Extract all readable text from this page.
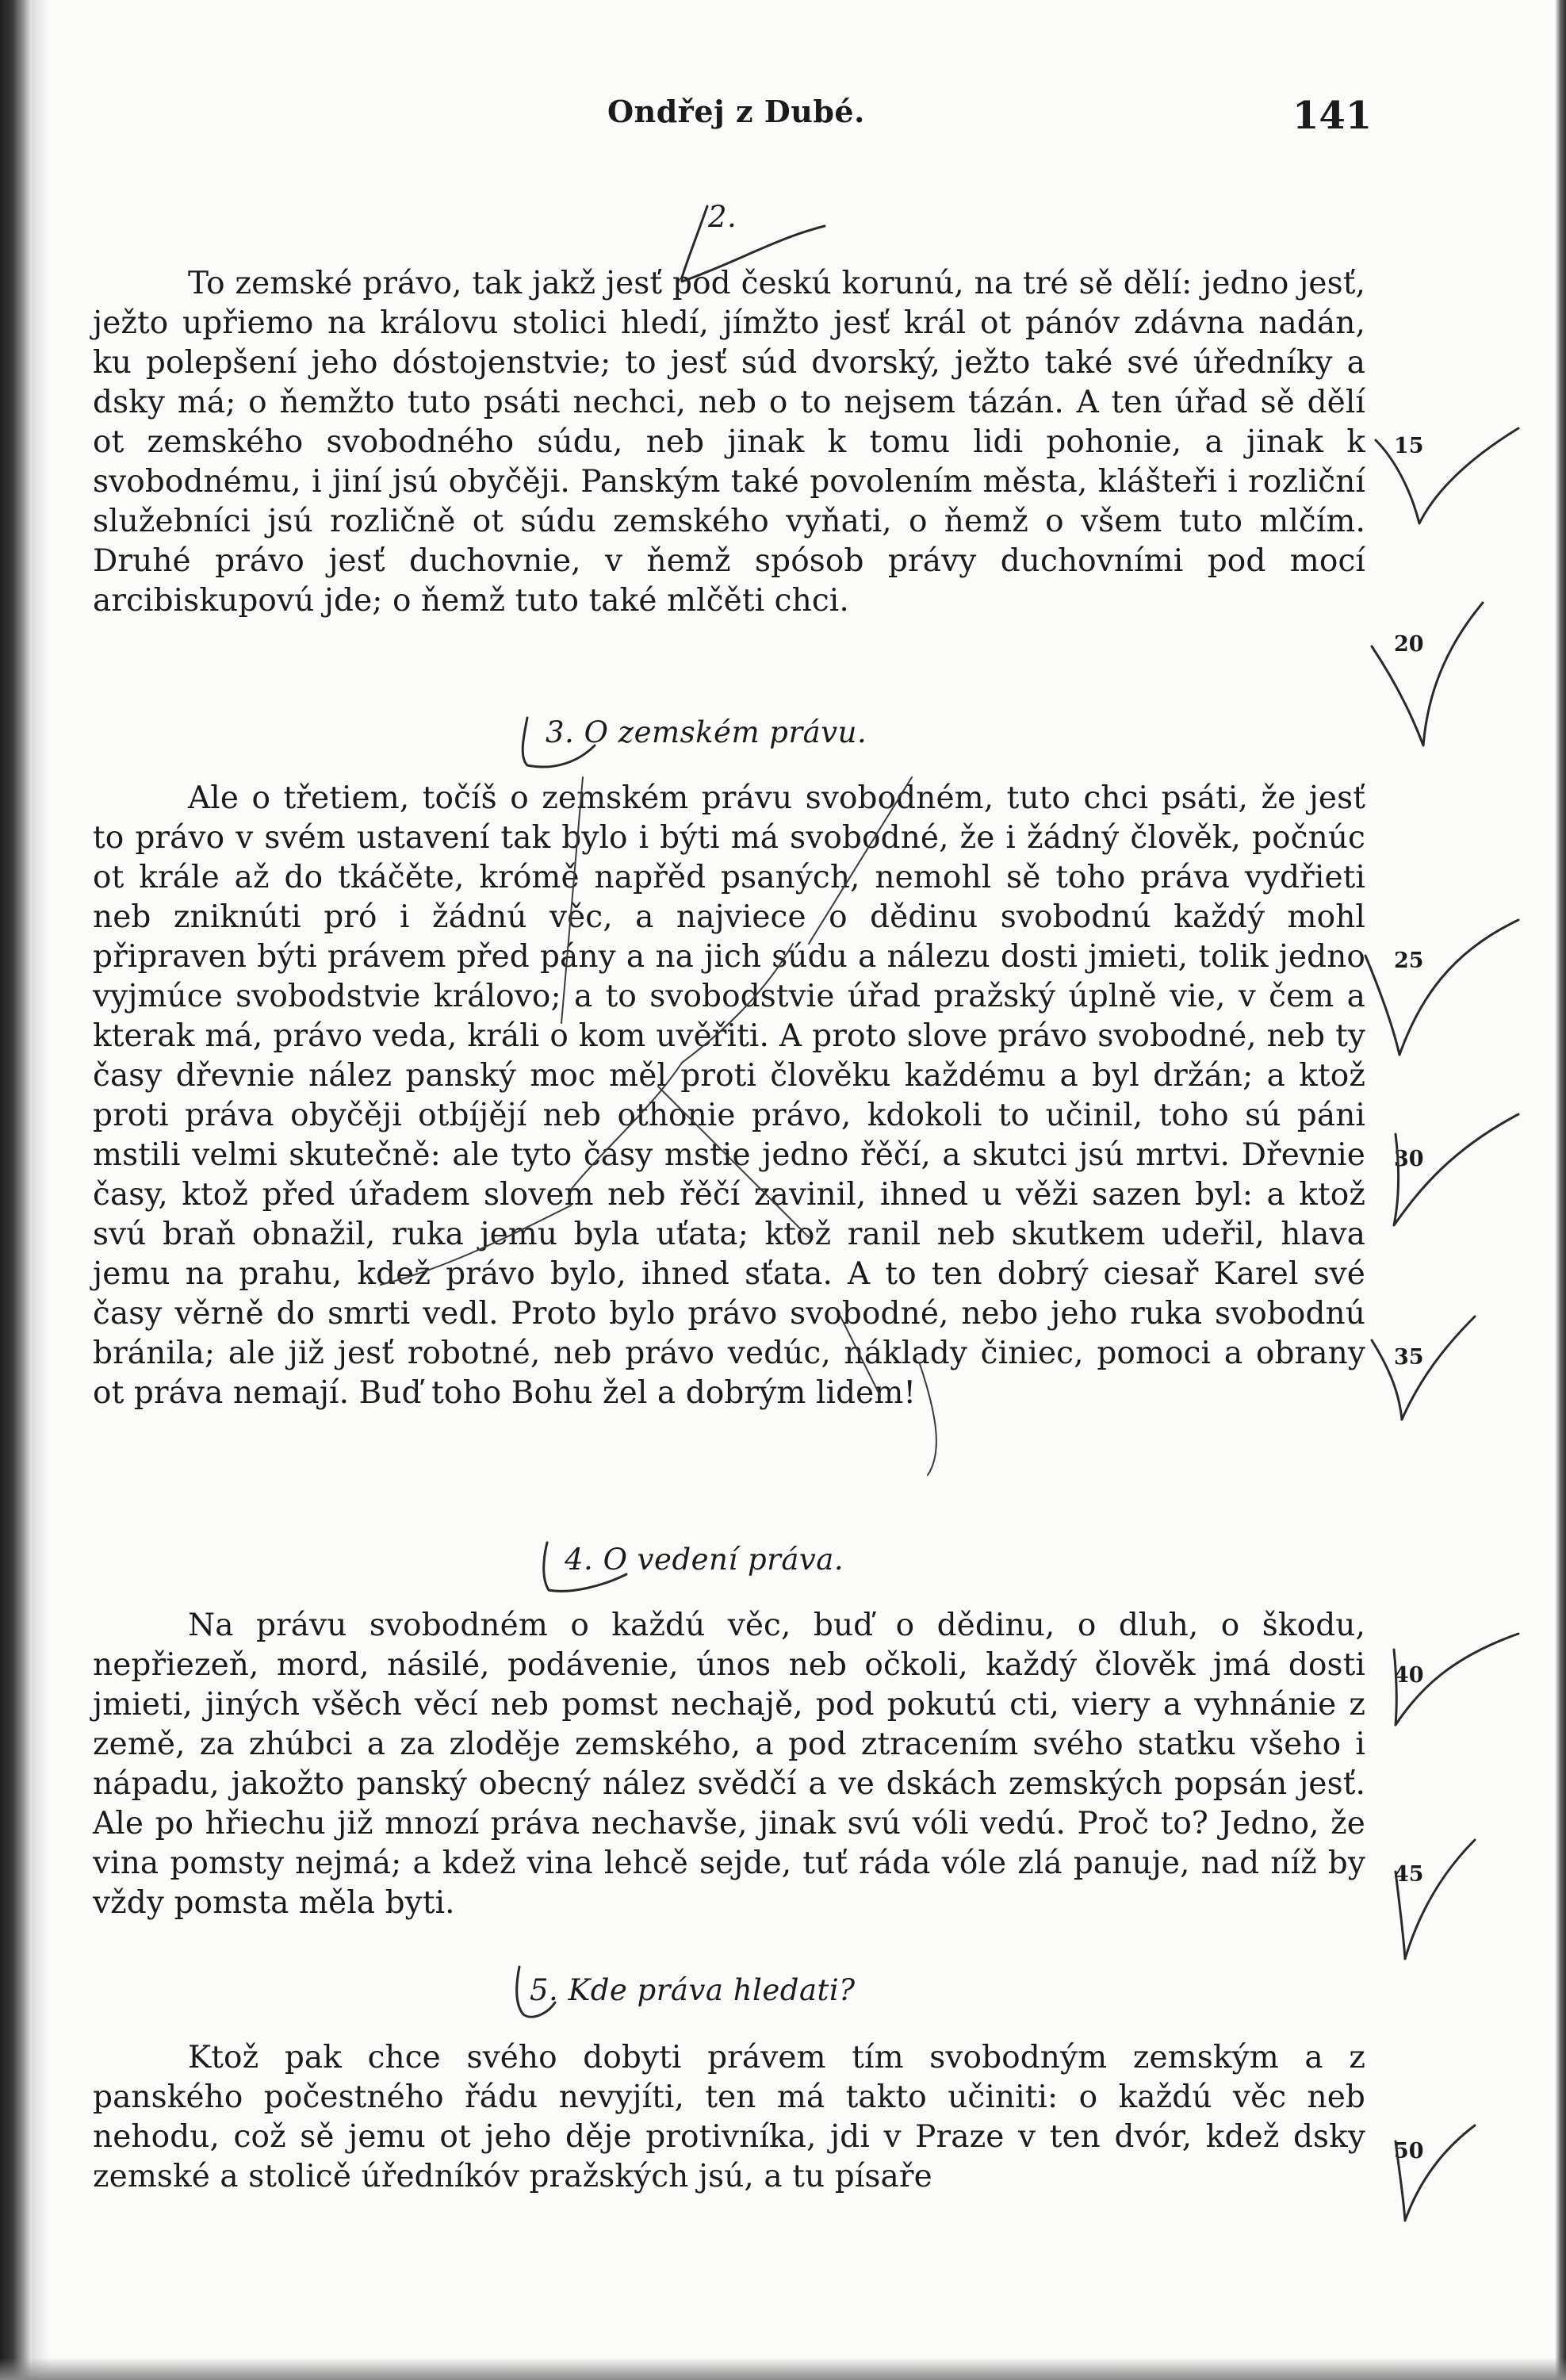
Ondřej z Dubé.	141
2.

To zemské právo, tak jakž jesť pod českú korunú, na tré sě dělí: jedno jesť, ježto upřiemo na královu stolici hledí, jímžto jesť král ot pánóv zdávna nadán, ku polepšení jeho dóstojenstvie; to jesť súd dvorský, ježto také své úředníky a dsky má; o ňemžto tuto psáti nechci, neb o to nejsem tázán. A ten úřad sě dělí ot zemského svobodného súdu, neb jinak k tomu lidi pohonie, a jinak k svobodnému, i jiní jsú obyčěji. Panským také povolením města, klášteři i rozliční služebníci jsú rozličně ot súdu zemského vyňati, o ňemž o všem tuto mlčím. Druhé právo jesť duchovnie, v ňemž spósob právy duchovními pod mocí arcibiskupovú jde; o ňemž tuto také mlčěti chci.

3. O zemském právu.

Ale o třetiem, točíš o zemském právu svobodném, tuto chci psáti, že jesť to právo v svém ustavení tak bylo i býti má svobodné, že i žádný člověk, počnúc ot krále až do tkáčěte, krómě napřěd psaných, nemohl sě toho práva vydřieti neb zniknúti pró i žádnú věc, a najviece o dědinu svobodnú každý mohl připraven býti právem před pány a na jich súdu a nálezu dosti jmieti, tolik jedno vyjmúce svobodstvie královo; a to svobodstvie úřad pražský úplně vie, v čem a kterak má, právo veda, králi o kom uvěřiti. A proto slove právo svobodné, neb ty časy dřevnie nález panský moc měl proti člověku každému a byl držán; a ktož proti práva obyčěji otbíjějí neb othonie právo, kdokoli to učinil, toho sú páni mstili velmi skutečně: ale tyto časy mstie jedno řěčí, a skutci jsú mrtvi. Dřevnie časy, ktož před úřadem slovem neb řěčí zavinil, ihned u věži sazen byl: a ktož svú braň obnažil, ruka jemu byla uťata; ktož ranil neb skutkem udeřil, hlava jemu na prahu, kdež právo bylo, ihned sťata. A to ten dobrý ciesař Karel své časy věrně do smrti vedl. Proto bylo právo svobodné, nebo jeho ruka svobodnú bránila; ale již jesť robotné, neb právo vedúc, náklady činiec, pomoci a obrany ot práva nemají. Buď toho Bohu žel a dobrým lidem!

4. O vedení práva.

Na právu svobodném o každú věc, buď o dědinu, o dluh, o škodu, nepřiezeň, mord, násilé, podávenie, únos neb očkoli, každý člověk jmá dosti jmieti, jiných všěch věcí neb pomst nechajě, pod pokutú cti, viery a vyhnánie z země, za zhúbci a za zloděje zemského, a pod ztracením svého statku všeho i nápadu, jakožto panský obecný nález svědčí a ve dskách zemských popsán jesť. Ale po hřiechu již mnozí práva nechavše, jinak svú vóli vedú. Proč to? Jedno, že vina pomsty nejmá; a kdež vina lehcě sejde, tuť ráda vóle zlá panuje, nad níž by vždy pomsta měla byti.

5. Kde práva hledati?

Ktož pak chce svého dobyti právem tím svobodným zemským a z panského počestného řádu nevyjíti, ten má takto učiniti: o každú věc neb nehodu, což sě jemu ot jeho děje protivníka, jdi v Praze v ten dvór, kdež dsky zemské a stolicě úředníkóv pražských jsú, a tu písaře

15
20
25
30
35
40
45
50
